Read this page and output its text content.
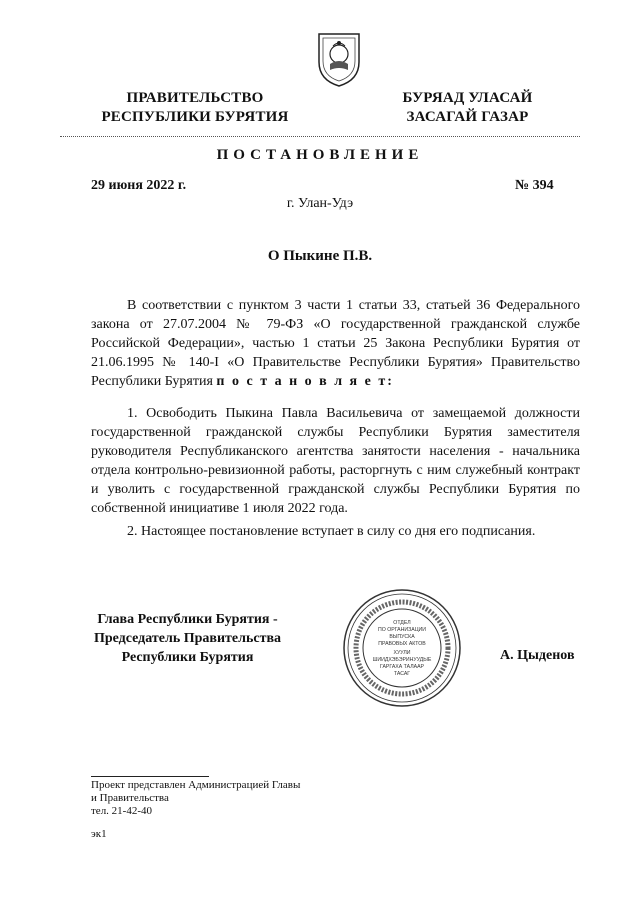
ПРАВИТЕЛЬСТВО
РЕСПУБЛИКИ БУРЯТИЯ
БУРЯАД УЛАСАЙ
ЗАСАГАЙ ГАЗАР
ПОСТАНОВЛЕНИЕ
29 июня 2022 г.	№ 394
г. Улан-Удэ
О Пыкине П.В.
В соответствии с пунктом 3 части 1 статьи 33, статьей 36 Федерального закона от 27.07.2004 № 79-ФЗ «О государственной гражданской службе Российской Федерации», частью 1 статьи 25 Закона Республики Бурятия от 21.06.1995 № 140-I «О Правительстве Республики Бурятия» Правительство Республики Бурятия п о с т а н о в л я е т:
1. Освободить Пыкина Павла Васильевича от замещаемой должности государственной гражданской службы Республики Бурятия заместителя руководителя Республиканского агентства занятости населения - начальника отдела контрольно-ревизионной работы, расторгнуть с ним служебный контракт и уволить с государственной гражданской службы Республики Бурятия по собственной инициативе 1 июля 2022 года.
2. Настоящее постановление вступает в силу со дня его подписания.
Глава Республики Бурятия -
Председатель Правительства
Республики Бурятия
ОТДЕЛ
ПО ОРГАНИЗАЦИИ
ВЫПУСКА
ПРАВОВЫХ АКТОВ
ХУУЛИ
ШИИДХЭБЭРИНУУДЫЕ
ГАРГАХА ТАЛААР
ТАСАГ
А. Цыденов
Проект представлен Администрацией Главы
и Правительства
тел. 21-42-40
эк1
